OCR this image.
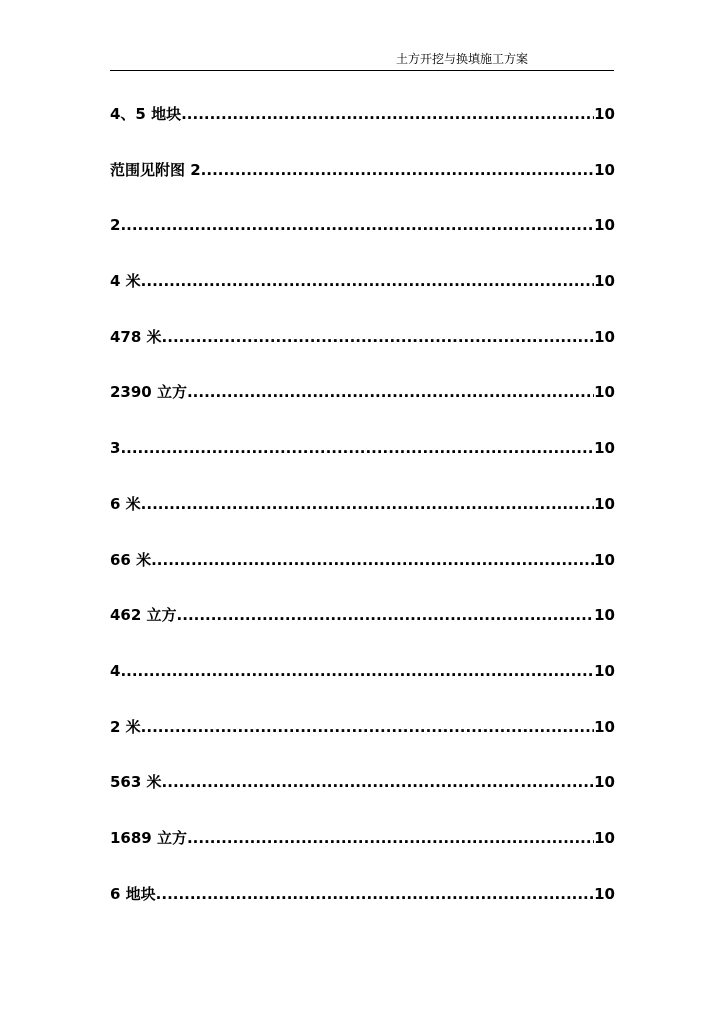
土方开挖与换填施工方案
4、5 地块 .....	10
范围见附图 2 .....	10
2 .....	10
4 米 .....	10
478 米 .....	10
2390 立方 .....	10
3 .....	10
6 米 .....	10
66 米 .....	10
462 立方 .....	10
4 .....	10
2 米 .....	10
563 米 .....	10
1689 立方 .....	10
6 地块 .....	10
